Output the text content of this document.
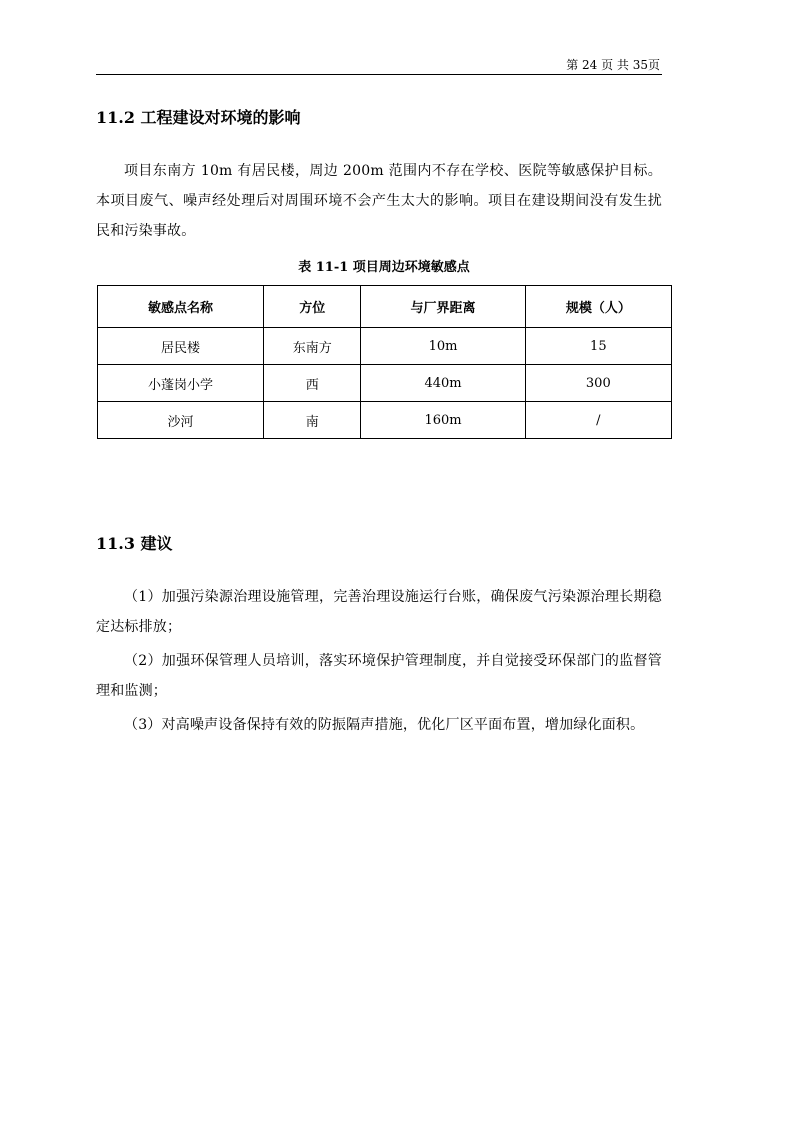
第 24 页 共 35页
11.2 工程建设对环境的影响

项目东南方 10m 有居民楼，周边 200m 范围内不存在学校、医院等敏感保护目标。本项目废气、噪声经处理后对周围环境不会产生太大的影响。项目在建设期间没有发生扰民和污染事故。

表 11-1 项目周边环境敏感点
敏感点名称	方位	与厂界距离	规模（人）
居民楼	东南方	10m	15
小蓬岗小学	西	440m	300
沙河	南	160m	/
11.3 建议

（1）加强污染源治理设施管理，完善治理设施运行台账，确保废气污染源治理长期稳定达标排放；

（2）加强环保管理人员培训，落实环境保护管理制度，并自觉接受环保部门的监督管理和监测；

（3）对高噪声设备保持有效的防振隔声措施，优化厂区平面布置，增加绿化面积。
